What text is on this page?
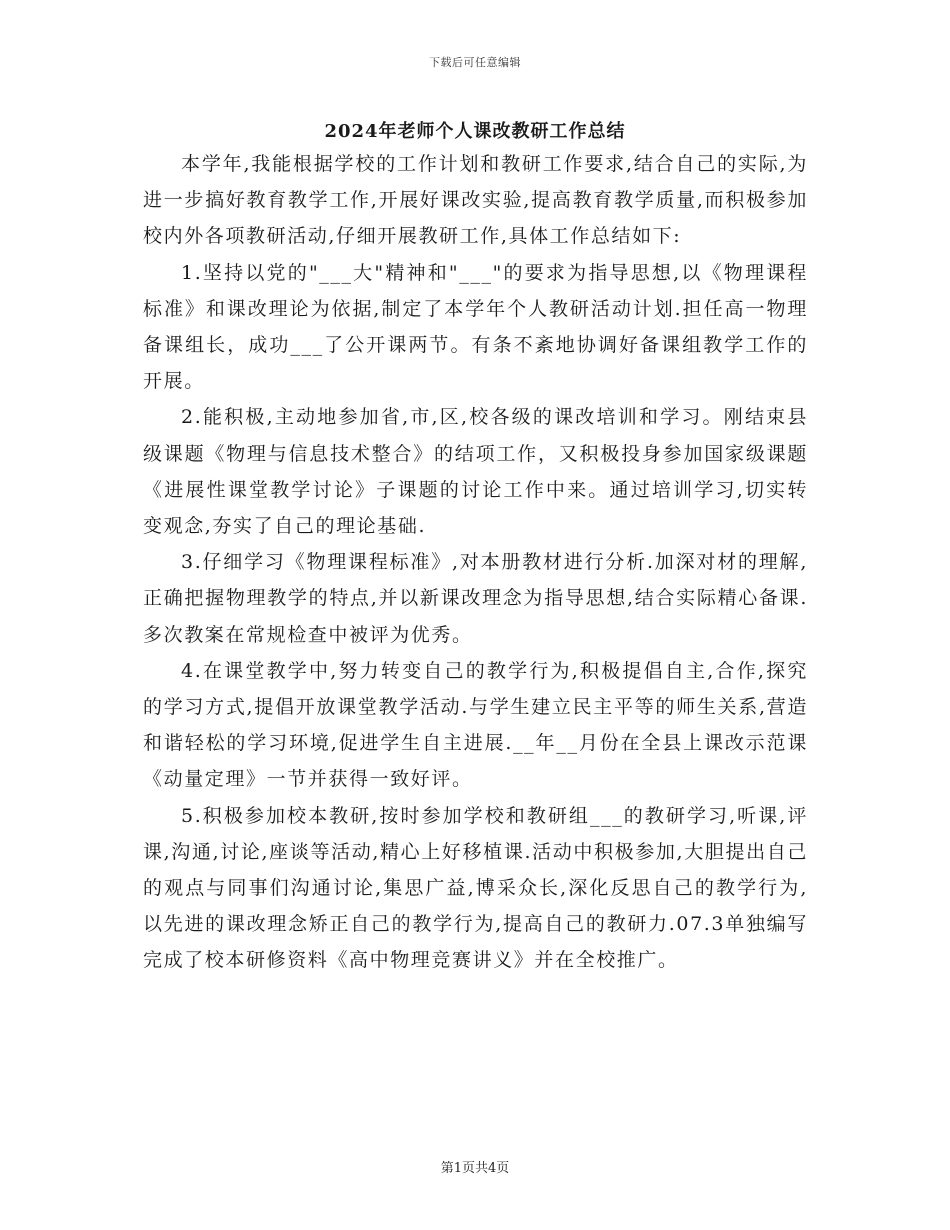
下载后可任意编辑
2024年老师个人课改教研工作总结

本学年,我能根据学校的工作计划和教研工作要求,结合自己的实际,为进一步搞好教育教学工作,开展好课改实验,提高教育教学质量,而积极参加校内外各项教研活动,仔细开展教研工作,具体工作总结如下:

1.坚持以党的"___大"精神和"___"的要求为指导思想,以《物理课程标准》和课改理论为依据,制定了本学年个人教研活动计划.担任高一物理备课组长，成功___了公开课两节。有条不紊地协调好备课组教学工作的开展。

2.能积极,主动地参加省,市,区,校各级的课改培训和学习。刚结束县级课题《物理与信息技术整合》的结项工作，又积极投身参加国家级课题《进展性课堂教学讨论》子课题的讨论工作中来。通过培训学习,切实转变观念,夯实了自己的理论基础.

3.仔细学习《物理课程标准》,对本册教材进行分析.加深对材的理解,正确把握物理教学的特点,并以新课改理念为指导思想,结合实际精心备课.多次教案在常规检查中被评为优秀。

4.在课堂教学中,努力转变自己的教学行为,积极提倡自主,合作,探究的学习方式,提倡开放课堂教学活动.与学生建立民主平等的师生关系,营造和谐轻松的学习环境,促进学生自主进展.__年__月份在全县上课改示范课《动量定理》一节并获得一致好评。

5.积极参加校本教研,按时参加学校和教研组___的教研学习,听课,评课,沟通,讨论,座谈等活动,精心上好移植课.活动中积极参加,大胆提出自己的观点与同事们沟通讨论,集思广益,博采众长,深化反思自己的教学行为,以先进的课改理念矫正自己的教学行为,提高自己的教研力.07.3单独编写完成了校本研修资料《高中物理竞赛讲义》并在全校推广。

第1页共4页
